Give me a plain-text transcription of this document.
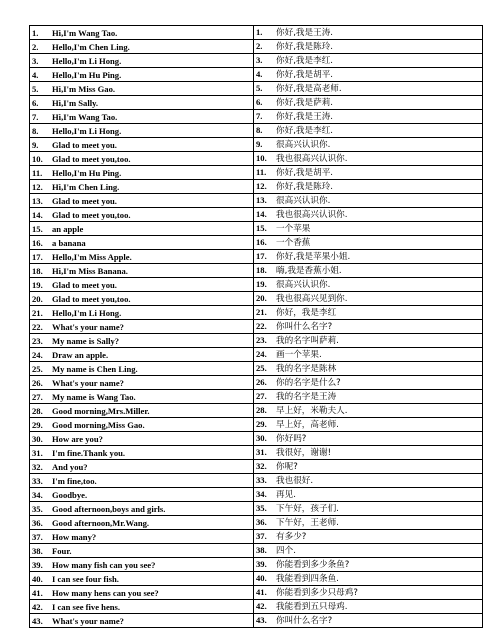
1. Hi,I'm Wang Tao.	1. 你好,我是王涛.
2. Hello,I'm Chen Ling.	2. 你好,我是陈玲.
3. Hello,I'm Li Hong.	3. 你好,我是李红.
4. Hello,I'm Hu Ping.	4. 你好,我是胡平.
5. Hi,I'm Miss Gao.	5. 你好,我是高老师.
6. Hi,I'm Sally.	6. 你好,我是萨莉.
7. Hi,I'm Wang Tao.	7. 你好,我是王涛.
8. Hello,I'm Li Hong.	8. 你好,我是李红.
9. Glad to meet you.	9. 很高兴认识你.
10. Glad to meet you,too.	10. 我也很高兴认识你.
11. Hello,I'm Hu Ping.	11. 你好,我是胡平.
12. Hi,I'm Chen Ling.	12. 你好,我是陈玲.
13. Glad to meet you.	13. 很高兴认识你.
14. Glad to meet you,too.	14. 我也很高兴认识你.
15. an apple	15. 一个苹果
16. a banana	16. 一个香蕉
17. Hello,I'm Miss Apple.	17. 你好,我是苹果小姐.
18. Hi,I'm Miss Banana.	18. 嗨,我是香蕉小姐.
19. Glad to meet you.	19. 很高兴认识你.
20. Glad to meet you,too.	20. 我也很高兴见到你.
21. Hello,I'm Li Hong.	21. 你好，我是李红
22. What's your name?	22. 你叫什么名字?
23. My name is Sally?	23. 我的名字叫萨莉.
24. Draw an apple.	24. 画一个苹果.
25. My name is Chen Ling.	25. 我的名字是陈林
26. What's your name?	26. 你的名字是什么?
27. My name is Wang Tao.	27. 我的名字是王涛
28. Good morning,Mrs.Miller.	28. 早上好，米勒夫人.
29. Good morning,Miss Gao.	29. 早上好，高老师.
30. How are you?	30. 你好吗?
31. I'm fine.Thank you.	31. 我很好，谢谢!
32. And you?	32. 你呢?
33. I'm fine,too.	33. 我也很好.
34. Goodbye.	34. 再见.
35. Good afternoon,boys and girls.	35. 下午好，孩子们.
36. Good afternoon,Mr.Wang.	36. 下午好，王老师.
37. How many?	37. 有多少?
38. Four.	38. 四个.
39. How many fish can you see?	39. 你能看到多少条鱼?
40. I can see four fish.	40. 我能看到四条鱼.
41. How many hens can you see?	41. 你能看到多少只母鸡?
42. I can see five hens.	42. 我能看到五只母鸡.
43. What's your name?	43. 你叫什么名字?
